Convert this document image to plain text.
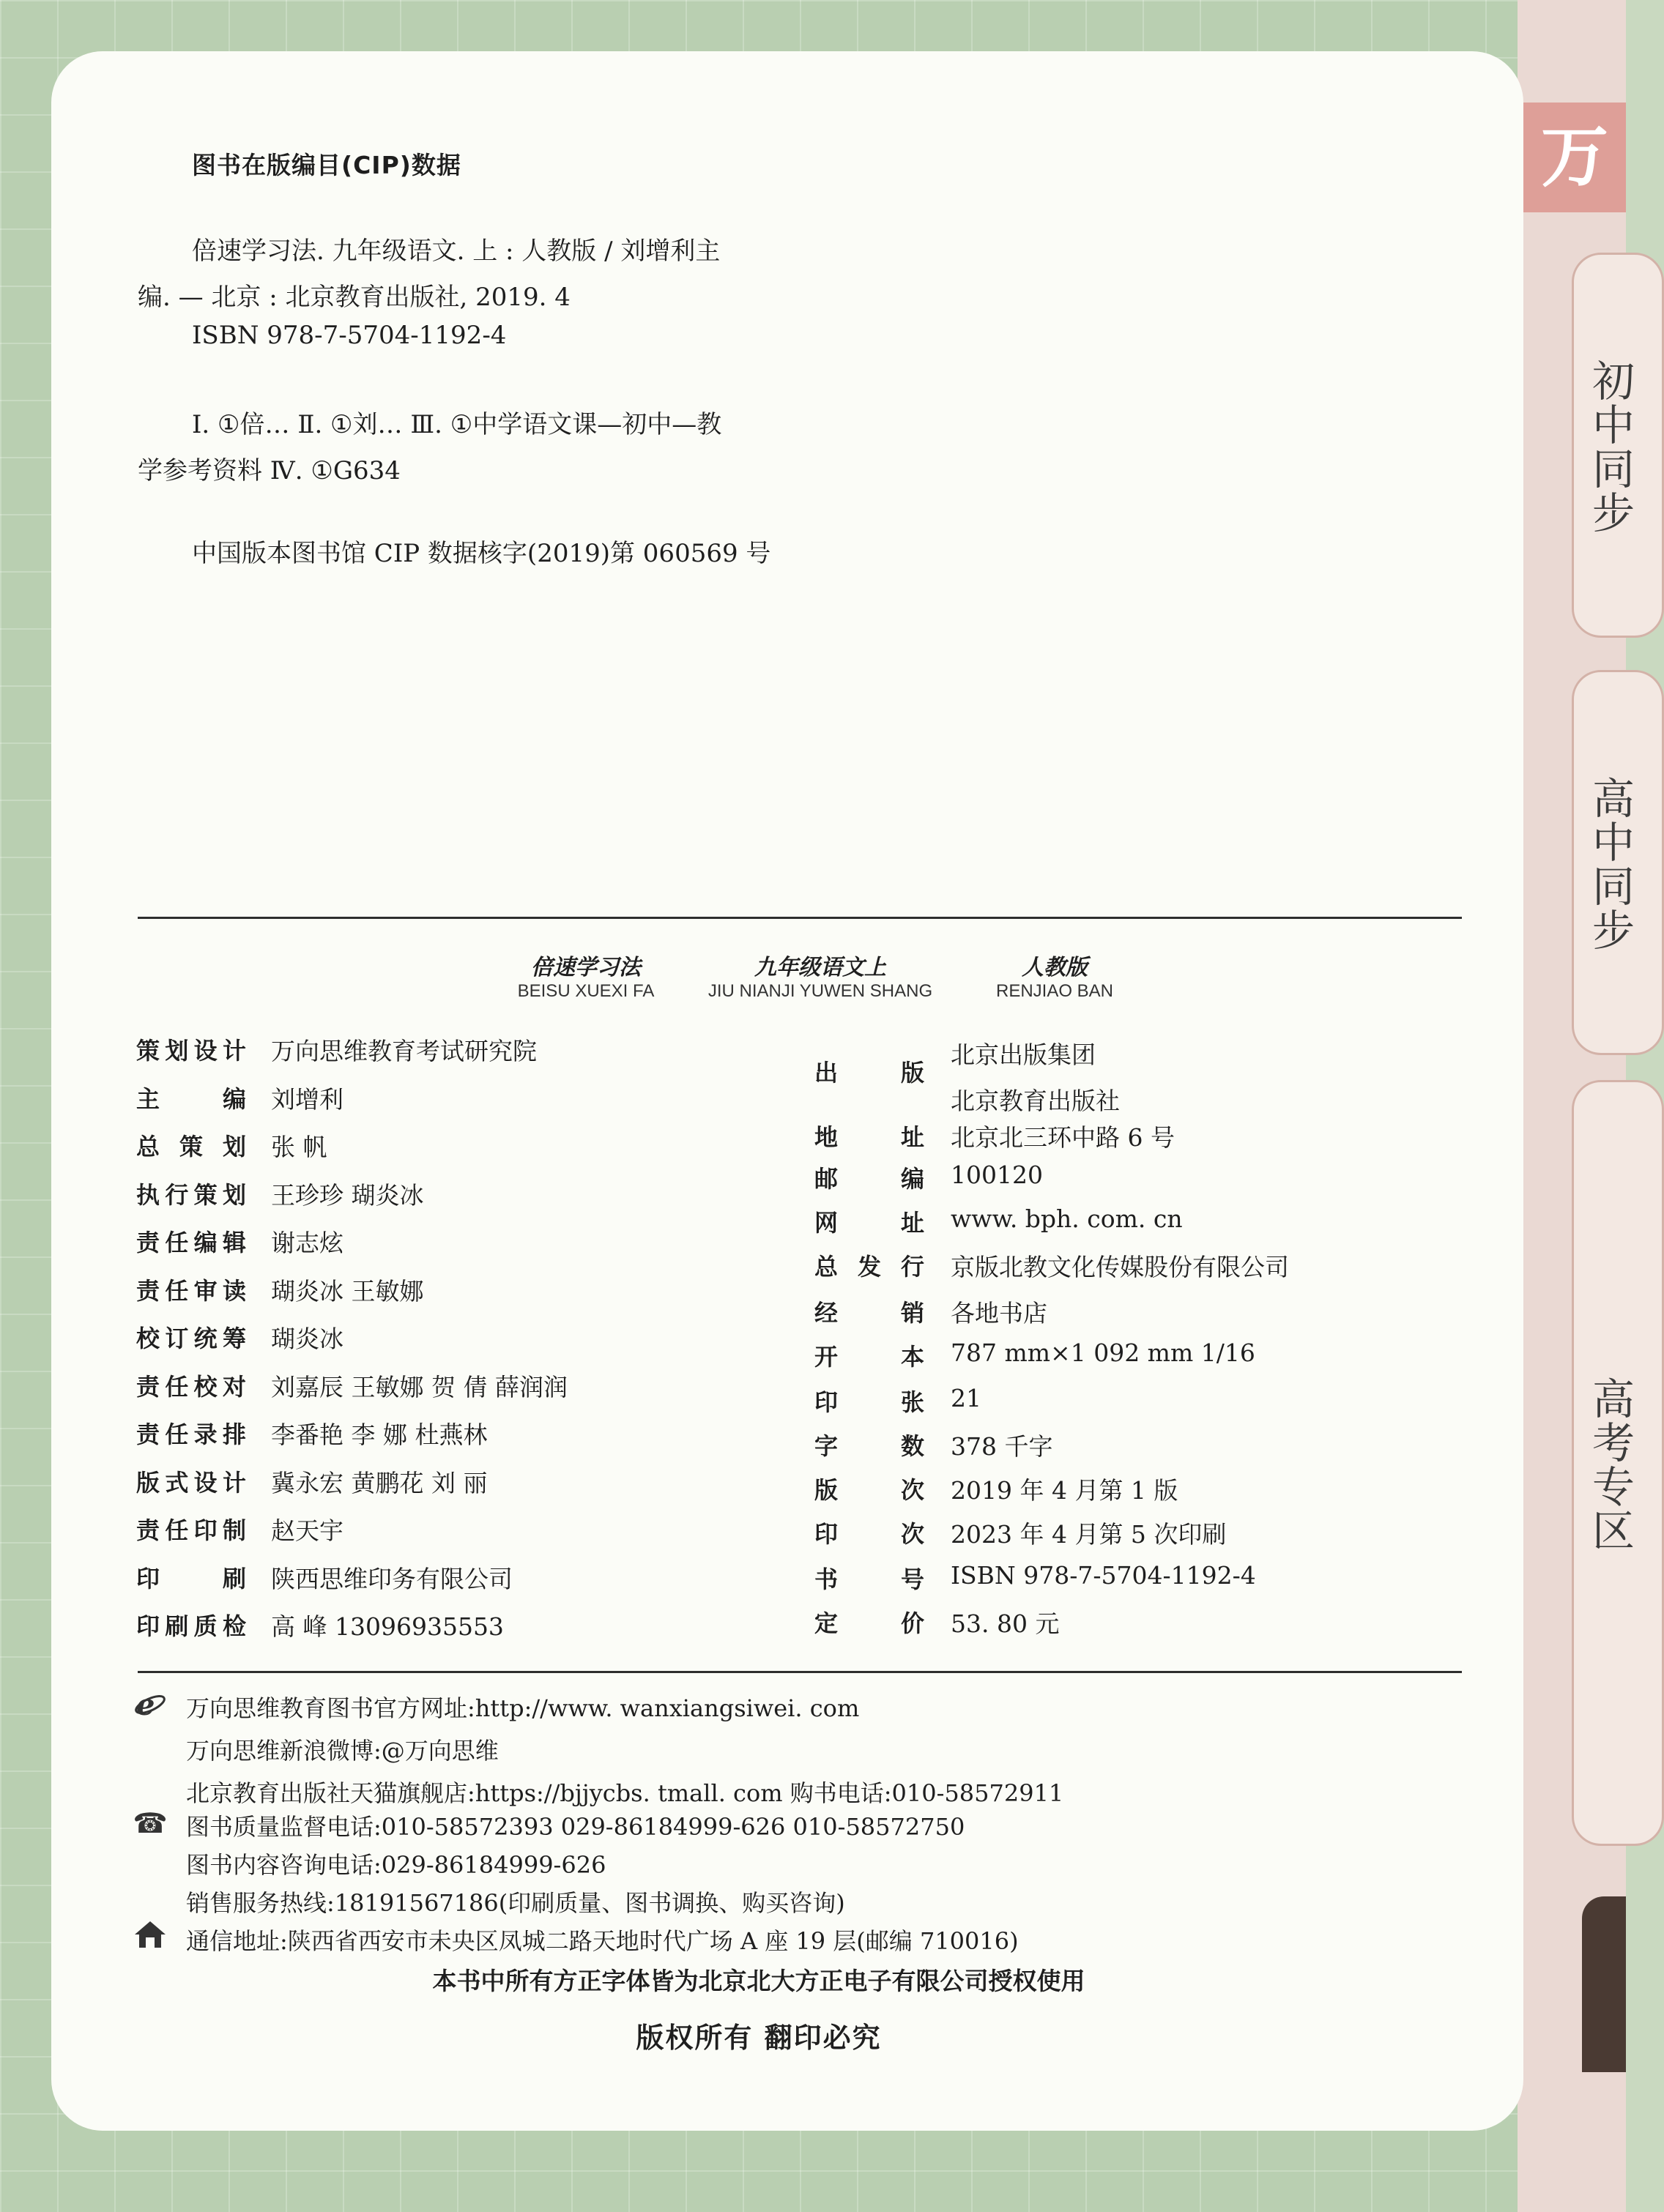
万
初中同步
高中同步
高考专区
图书在版编目(CIP)数据
倍速学习法. 九年级语文. 上 : 人教版 / 刘增利主
编. — 北京 : 北京教育出版社, 2019. 4
ISBN 978-7-5704-1192-4
Ⅰ. ①倍… Ⅱ. ①刘… Ⅲ. ①中学语文课—初中—教
学参考资料 Ⅳ. ①G634
中国版本图书馆 CIP 数据核字(2019)第 060569 号
倍速学习法
BEISU XUEXI FA
九年级语文上
JIU NIANJI YUWEN SHANG
人教版
RENJIAO BAN
策划设计 万向思维教育考试研究院
主编 刘增利
总策划 张 帆
执行策划 王珍珍 瑚炎冰
责任编辑 谢志炫
责任审读 瑚炎冰 王敏娜
校订统筹 瑚炎冰
责任校对 刘嘉辰 王敏娜 贺 倩 薛润润
责任录排 李番艳 李 娜 杜燕林
版式设计 冀永宏 黄鹏花 刘 丽
责任印制 赵天宇
印刷 陕西思维印务有限公司
印刷质检 高 峰 13096935553
出版
北京出版集团
北京教育出版社
地址 北京北三环中路 6 号
邮编 100120
网址 www. bph. com. cn
总发行 京版北教文化传媒股份有限公司
经销 各地书店
开本 787 mm×1 092 mm 1/16
印张 21
字数 378 千字
版次 2019 年 4 月第 1 版
印次 2023 年 4 月第 5 次印刷
书号 ISBN 978-7-5704-1192-4
定价 53. 80 元
e 万向思维教育图书官方网址:http://www. wanxiangsiwei. com
万向思维新浪微博:@万向思维
北京教育出版社天猫旗舰店:https://bjjycbs. tmall. com 购书电话:010-58572911
☎ 图书质量监督电话:010-58572393 029-86184999-626 010-58572750
图书内容咨询电话:029-86184999-626
销售服务热线:18191567186(印刷质量、图书调换、购买咨询)
通信地址:陕西省西安市未央区凤城二路天地时代广场 A 座 19 层(邮编 710016)
本书中所有方正字体皆为北京北大方正电子有限公司授权使用
版权所有 翻印必究
